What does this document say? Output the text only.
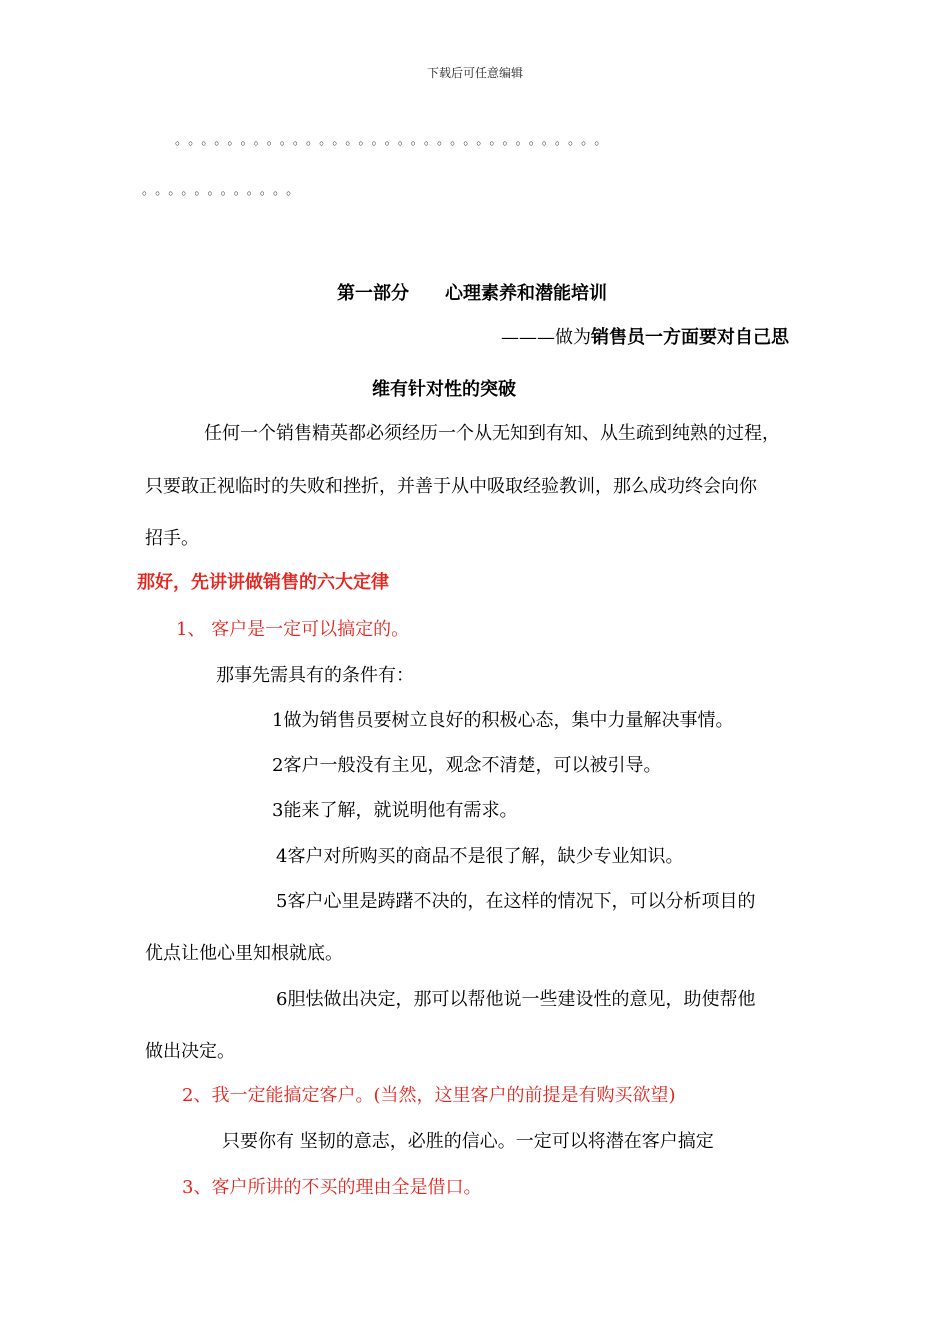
下载后可任意编辑
。。。。。。。。。。。。。。。。。。。。。。。。。。。。。。。。。
。。。。。。。。。。。。
第一部分　　心理素养和潜能培训
———做为销售员一方面要对自己思
维有针对性的突破
任何一个销售精英都必须经历一个从无知到有知、从生疏到纯熟的过程，
只要敢正视临时的失败和挫折，并善于从中吸取经验教训，那么成功终会向你
招手。
那好，先讲讲做销售的六大定律
1、 客户是一定可以搞定的。
那事先需具有的条件有：
1做为销售员要树立良好的积极心态，集中力量解决事情。
2客户一般没有主见，观念不清楚，可以被引导。
3能来了解，就说明他有需求。
4客户对所购买的商品不是很了解，缺少专业知识。
5客户心里是踌躇不决的，在这样的情况下，可以分析项目的
优点让他心里知根就底。
6胆怯做出决定，那可以帮他说一些建设性的意见，助使帮他
做出决定。
2、我一定能搞定客户。(当然，这里客户的前提是有购买欲望)
只要你有 坚韧的意志，必胜的信心。一定可以将潜在客户搞定
3、客户所讲的不买的理由全是借口。
